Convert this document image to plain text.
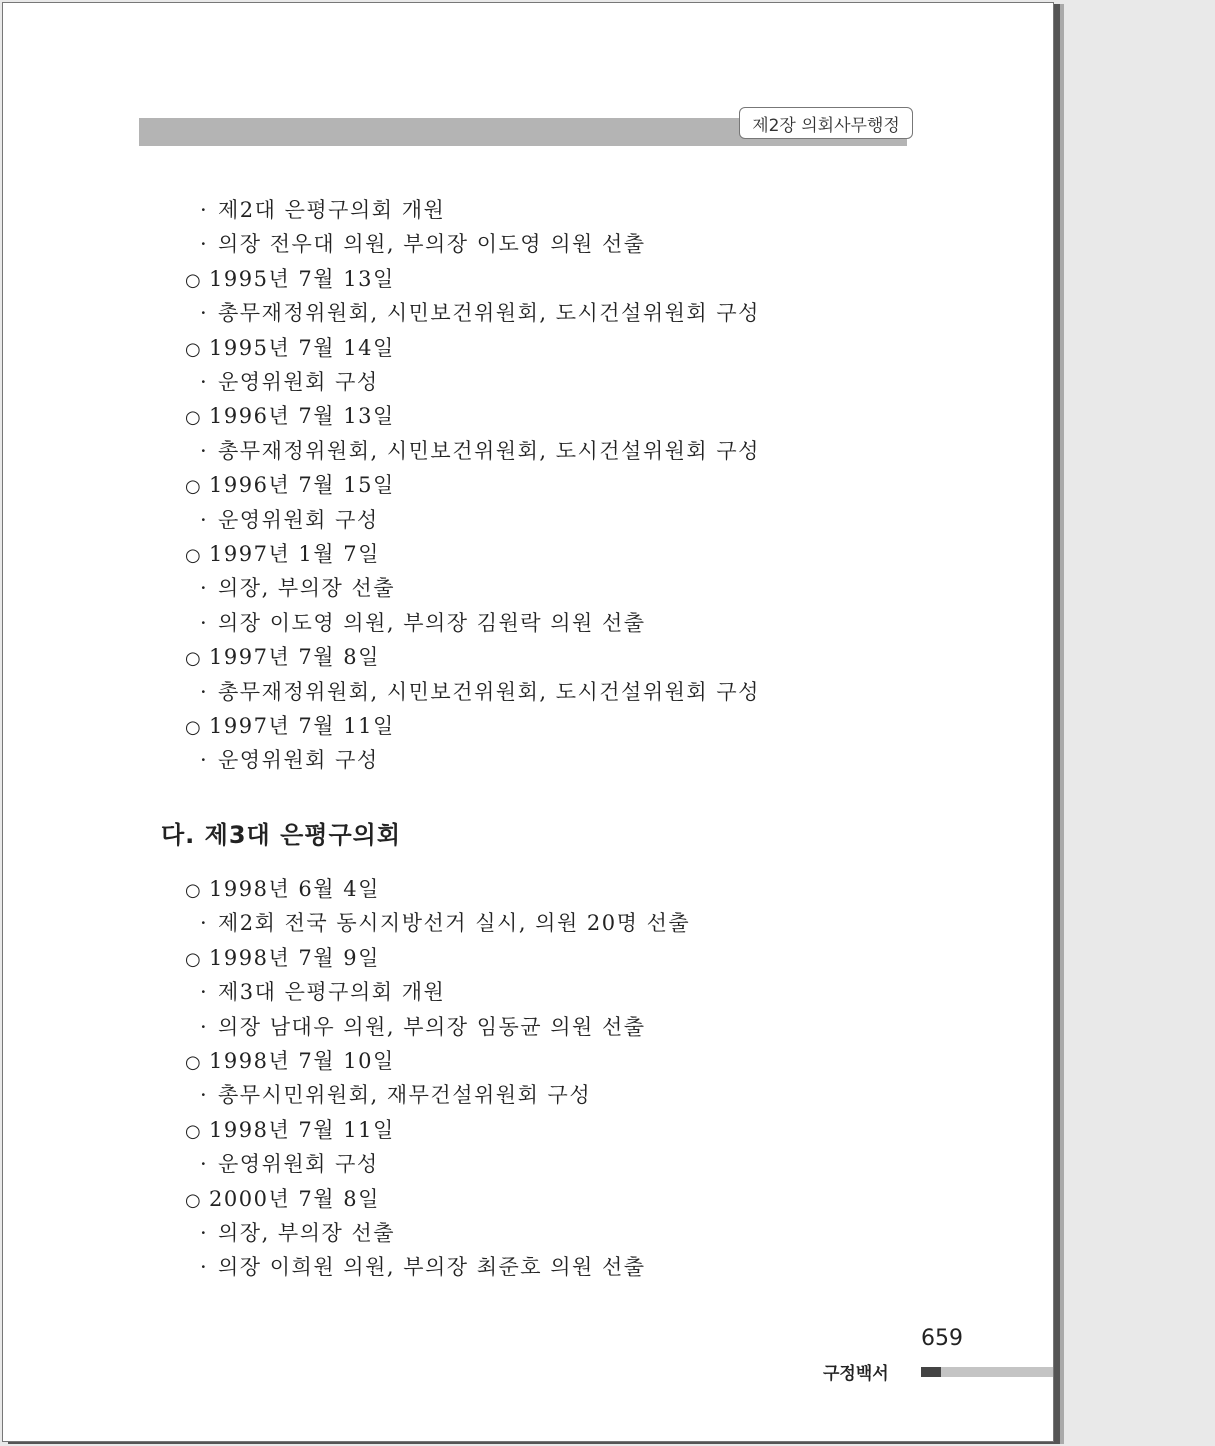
제2장 의회사무행정
· 제2대 은평구의회 개원
· 의장 전우대 의원, 부의장 이도영 의원 선출
○ 1995년 7월 13일
· 총무재정위원회, 시민보건위원회, 도시건설위원회 구성
○ 1995년 7월 14일
· 운영위원회 구성
○ 1996년 7월 13일
· 총무재정위원회, 시민보건위원회, 도시건설위원회 구성
○ 1996년 7월 15일
· 운영위원회 구성
○ 1997년 1월 7일
· 의장, 부의장 선출
· 의장 이도영 의원, 부의장 김원락 의원 선출
○ 1997년 7월 8일
· 총무재정위원회, 시민보건위원회, 도시건설위원회 구성
○ 1997년 7월 11일
· 운영위원회 구성
○ 1998년 6월 4일
· 제2회 전국 동시지방선거 실시, 의원 20명 선출
○ 1998년 7월 9일
· 제3대 은평구의회 개원
· 의장 남대우 의원, 부의장 임동균 의원 선출
○ 1998년 7월 10일
· 총무시민위원회, 재무건설위원회 구성
○ 1998년 7월 11일
· 운영위원회 구성
○ 2000년 7월 8일
· 의장, 부의장 선출
· 의장 이희원 의원, 부의장 최준호 의원 선출
다. 제3대 은평구의회
659
구정백서
